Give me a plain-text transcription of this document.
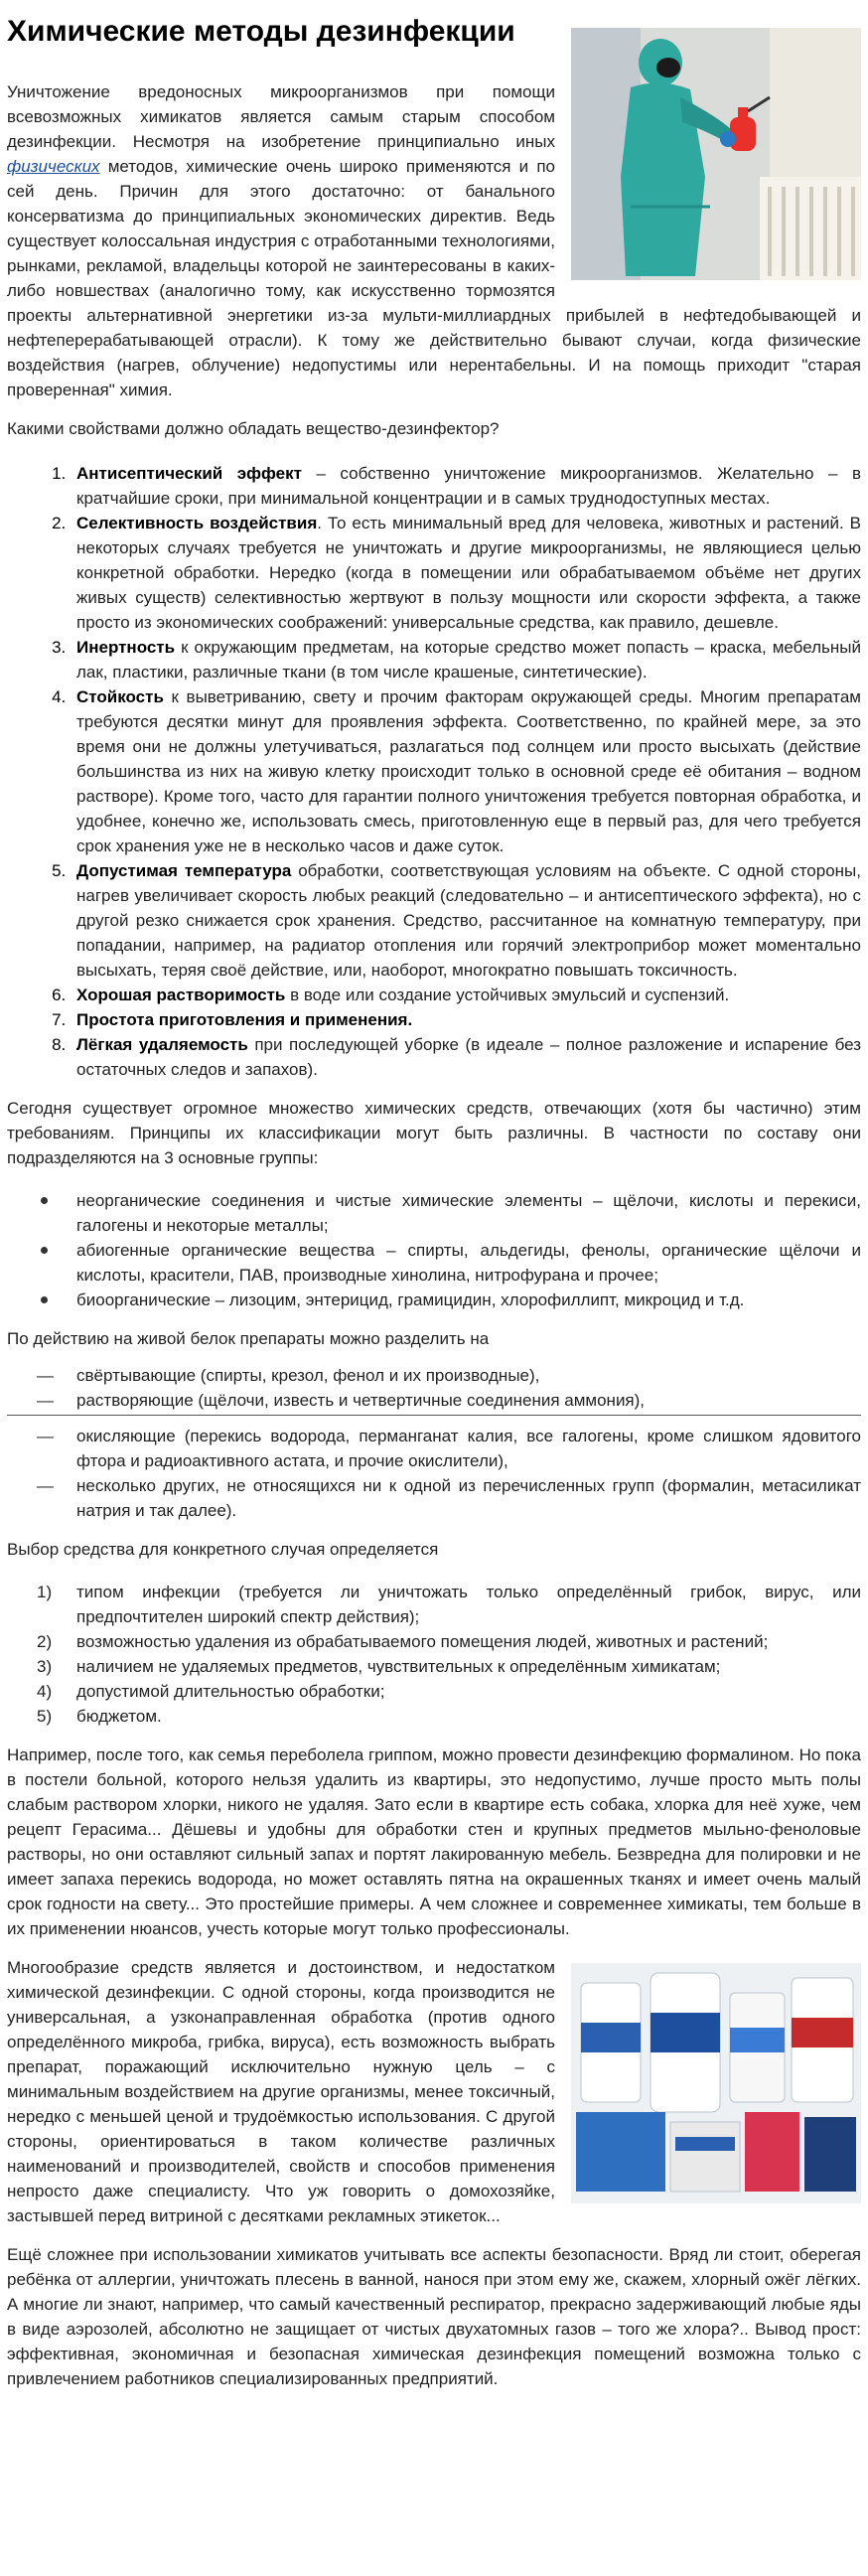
Химические методы дезинфекции

Уничтожение вредоносных микроорганизмов при помощи всевозможных химикатов является самым старым способом дезинфекции. Несмотря на изобретение принципиально иных физических методов, химические очень широко применяются и по сей день. Причин для этого достаточно: от банального консерватизма до принципиальных экономических директив. Ведь существует колоссальная индустрия с отработанными технологиями, рынками, рекламой, владельцы которой не заинтересованы в каких-либо новшествах (аналогично тому, как искусственно тормозятся проекты альтернативной энергетики из-за мульти-миллиардных прибылей в нефтедобывающей и нефтеперерабатывающей отрасли). К тому же действительно бывают случаи, когда физические воздействия (нагрев, облучение) недопустимы или нерентабельны. И на помощь приходит "старая проверенная" химия.

Какими свойствами должно обладать вещество-дезинфектор?

1. Антисептический эффект – собственно уничтожение микроорганизмов. Желательно – в кратчайшие сроки, при минимальной концентрации и в самых труднодоступных местах.
2. Селективность воздействия. То есть минимальный вред для человека, животных и растений. В некоторых случаях требуется не уничтожать и другие микроорганизмы, не являющиеся целью конкретной обработки. Нередко (когда в помещении или обрабатываемом объёме нет других живых существ) селективностью жертвуют в пользу мощности или скорости эффекта, а также просто из экономических соображений: универсальные средства, как правило, дешевле.
3. Инертность к окружающим предметам, на которые средство может попасть – краска, мебельный лак, пластики, различные ткани (в том числе крашеные, синтетические).
4. Стойкость к выветриванию, свету и прочим факторам окружающей среды. Многим препаратам требуются десятки минут для проявления эффекта. Соответственно, по крайней мере, за это время они не должны улетучиваться, разлагаться под солнцем или просто высыхать (действие большинства из них на живую клетку происходит только в основной среде её обитания – водном растворе). Кроме того, часто для гарантии полного уничтожения требуется повторная обработка, и удобнее, конечно же, использовать смесь, приготовленную еще в первый раз, для чего требуется срок хранения уже не в несколько часов и даже суток.
5. Допустимая температура обработки, соответствующая условиям на объекте. С одной стороны, нагрев увеличивает скорость любых реакций (следовательно – и антисептического эффекта), но с другой резко снижается срок хранения. Средство, рассчитанное на комнатную температуру, при попадании, например, на радиатор отопления или горячий электроприбор может моментально высыхать, теряя своё действие, или, наоборот, многократно повышать токсичность.
6. Хорошая растворимость в воде или создание устойчивых эмульсий и суспензий.
7. Простота приготовления и применения.
8. Лёгкая удаляемость при последующей уборке (в идеале – полное разложение и испарение без остаточных следов и запахов).

Сегодня существует огромное множество химических средств, отвечающих (хотя бы частично) этим требованиям. Принципы их классификации могут быть различны. В частности по составу они подразделяются на 3 основные группы:

неорганические соединения и чистые химические элементы – щёлочи, кислоты и перекиси, галогены и некоторые металлы;
абиогенные органические вещества – спирты, альдегиды, фенолы, органические щёлочи и кислоты, красители, ПАВ, производные хинолина, нитрофурана и прочее;
биоорганические – лизоцим, энтерицид, грамицидин, хлорофиллипт, микроцид и т.д.

По действию на живой белок препараты можно разделить на

— свёртывающие (спирты, крезол, фенол и их производные),
— растворяющие (щёлочи, известь и четвертичные соединения аммония),
— окисляющие (перекись водорода, перманганат калия, все галогены, кроме слишком ядовитого фтора и радиоактивного астата, и прочие окислители),
— несколько других, не относящихся ни к одной из перечисленных групп (формалин, метасиликат натрия и так далее).

Выбор средства для конкретного случая определяется

типом инфекции (требуется ли уничтожать только определённый грибок, вирус, или предпочтителен широкий спектр действия);
возможностью удаления из обрабатываемого помещения людей, животных и растений;
наличием не удаляемых предметов, чувствительных к определённым химикатам;
допустимой длительностью обработки;
бюджетом.

Например, после того, как семья переболела гриппом, можно провести дезинфекцию формалином. Но пока в постели больной, которого нельзя удалить из квартиры, это недопустимо, лучше просто мыть полы слабым раствором хлорки, никого не удаляя. Зато если в квартире есть собака, хлорка для неё хуже, чем рецепт Герасима... Дёшевы и удобны для обработки стен и крупных предметов мыльно-феноловые растворы, но они оставляют сильный запах и портят лакированную мебель. Безвредна для полировки и не имеет запаха перекись водорода, но может оставлять пятна на окрашенных тканях и имеет очень малый срок годности на свету... Это простейшие примеры. А чем сложнее и современнее химикаты, тем больше в их применении нюансов, учесть которые могут только профессионалы.

Многообразие средств является и достоинством, и недостатком химической дезинфекции. С одной стороны, когда производится не универсальная, а узконаправленная обработка (против одного определённого микроба, грибка, вируса), есть возможность выбрать препарат, поражающий исключительно нужную цель – с минимальным воздействием на другие организмы, менее токсичный, нередко с меньшей ценой и трудоёмкостью использования. С другой стороны, ориентироваться в таком количестве различных наименований и производителей, свойств и способов применения непросто даже специалисту. Что уж говорить о домохозяйке, застывшей перед витриной с десятками рекламных этикеток...

Ещё сложнее при использовании химикатов учитывать все аспекты безопасности. Вряд ли стоит, оберегая ребёнка от аллергии, уничтожать плесень в ванной, нанося при этом ему же, скажем, хлорный ожёг лёгких. А многие ли знают, например, что самый качественный респиратор, прекрасно задерживающий любые яды в виде аэрозолей, абсолютно не защищает от чистых двухатомных газов – того же хлора?.. Вывод прост: эффективная, экономичная и безопасная химическая дезинфекция помещений возможна только с привлечением работников специализированных предприятий.
